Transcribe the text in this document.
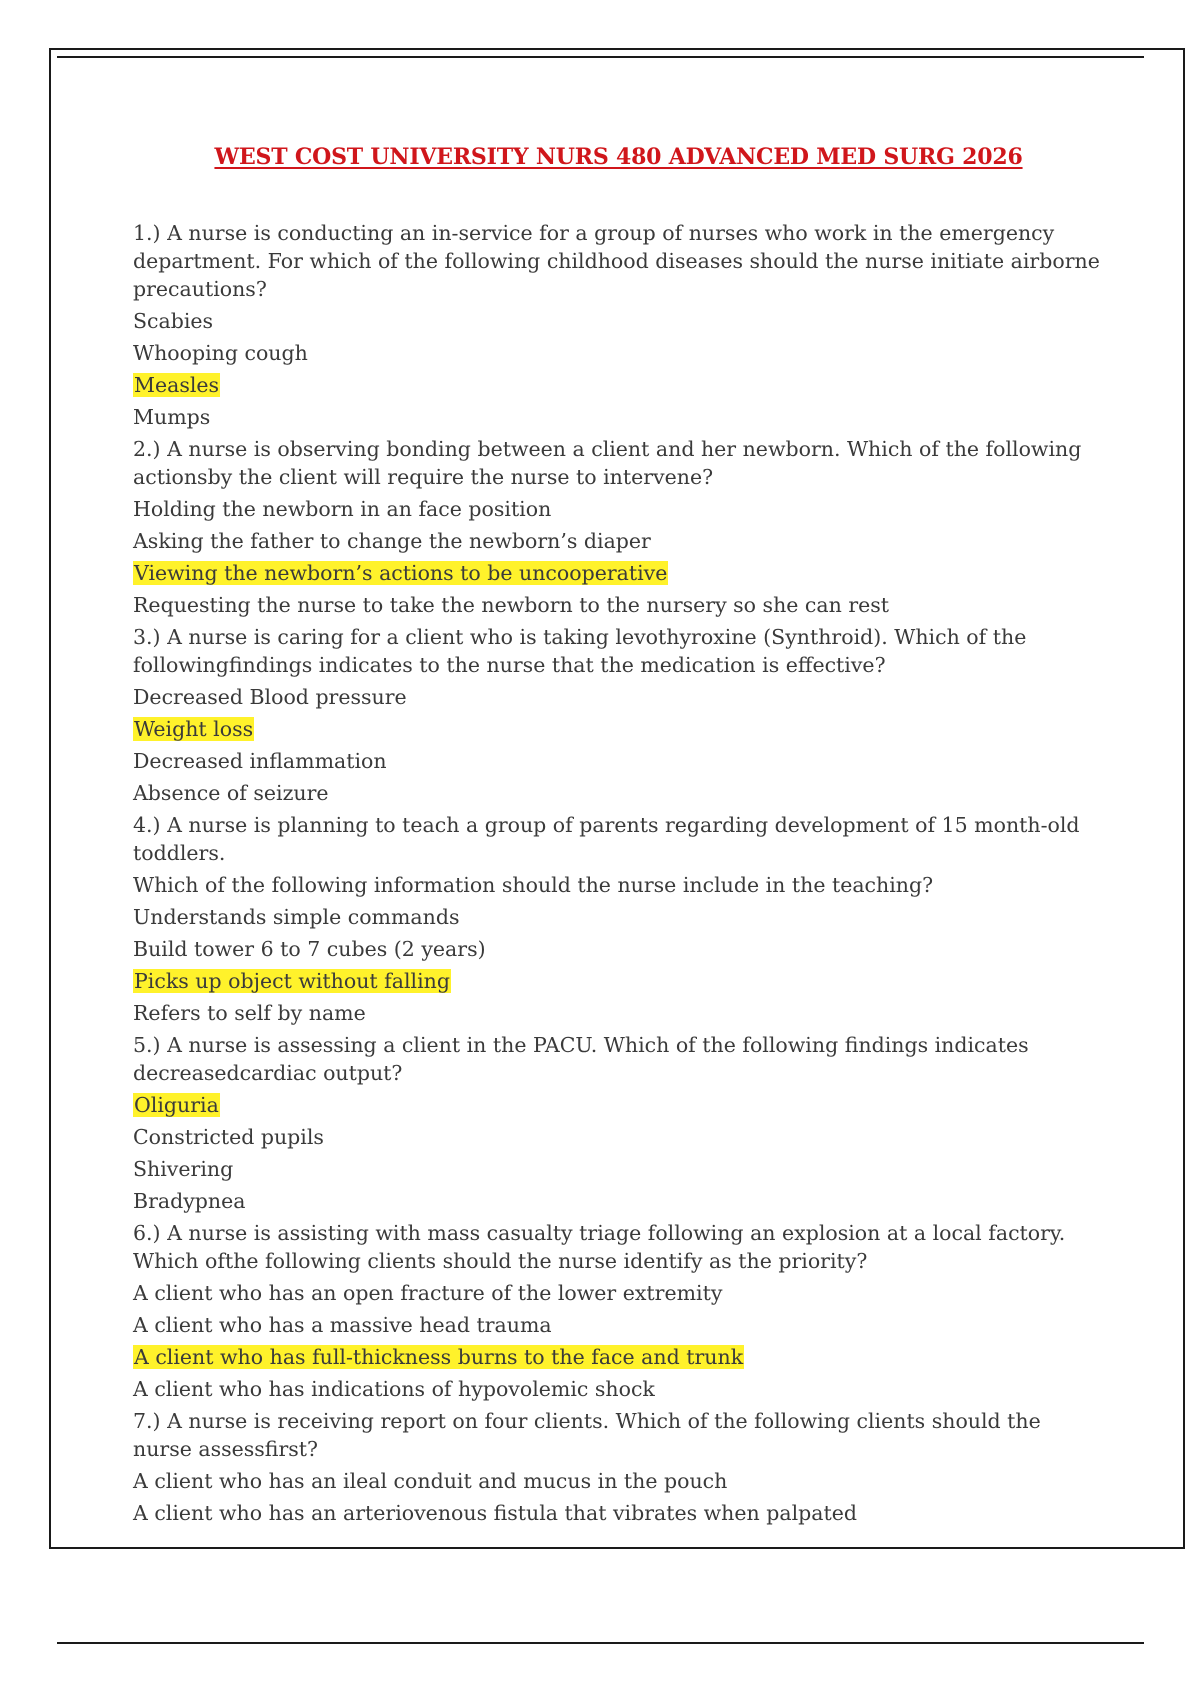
WEST COST UNIVERSITY NURS 480 ADVANCED MED SURG 2026
1.) A nurse is conducting an in-service for a group of nurses who work in the emergency department. For which of the following childhood diseases should the nurse initiate airborne precautions?
Scabies
Whooping cough
Measles
Mumps
2.) A nurse is observing bonding between a client and her newborn. Which of the following actionsby the client will require the nurse to intervene?
Holding the newborn in an face position
Asking the father to change the newborn’s diaper
Viewing the newborn’s actions to be uncooperative
Requesting the nurse to take the newborn to the nursery so she can rest
3.) A nurse is caring for a client who is taking levothyroxine (Synthroid). Which of the followingfindings indicates to the nurse that the medication is effective?
Decreased Blood pressure
Weight loss
Decreased inflammation
Absence of seizure
4.) A nurse is planning to teach a group of parents regarding development of 15 month-old toddlers.
Which of the following information should the nurse include in the teaching?
Understands simple commands
Build tower 6 to 7 cubes (2 years)
Picks up object without falling
Refers to self by name
5.) A nurse is assessing a client in the PACU. Which of the following findings indicates decreasedcardiac output?
Oliguria
Constricted pupils
Shivering
Bradypnea
6.) A nurse is assisting with mass casualty triage following an explosion at a local factory. Which ofthe following clients should the nurse identify as the priority?
A client who has an open fracture of the lower extremity
A client who has a massive head trauma
A client who has full-thickness burns to the face and trunk
A client who has indications of hypovolemic shock
7.) A nurse is receiving report on four clients. Which of the following clients should the nurse assessfirst?
A client who has an ileal conduit and mucus in the pouch
A client who has an arteriovenous fistula that vibrates when palpated
